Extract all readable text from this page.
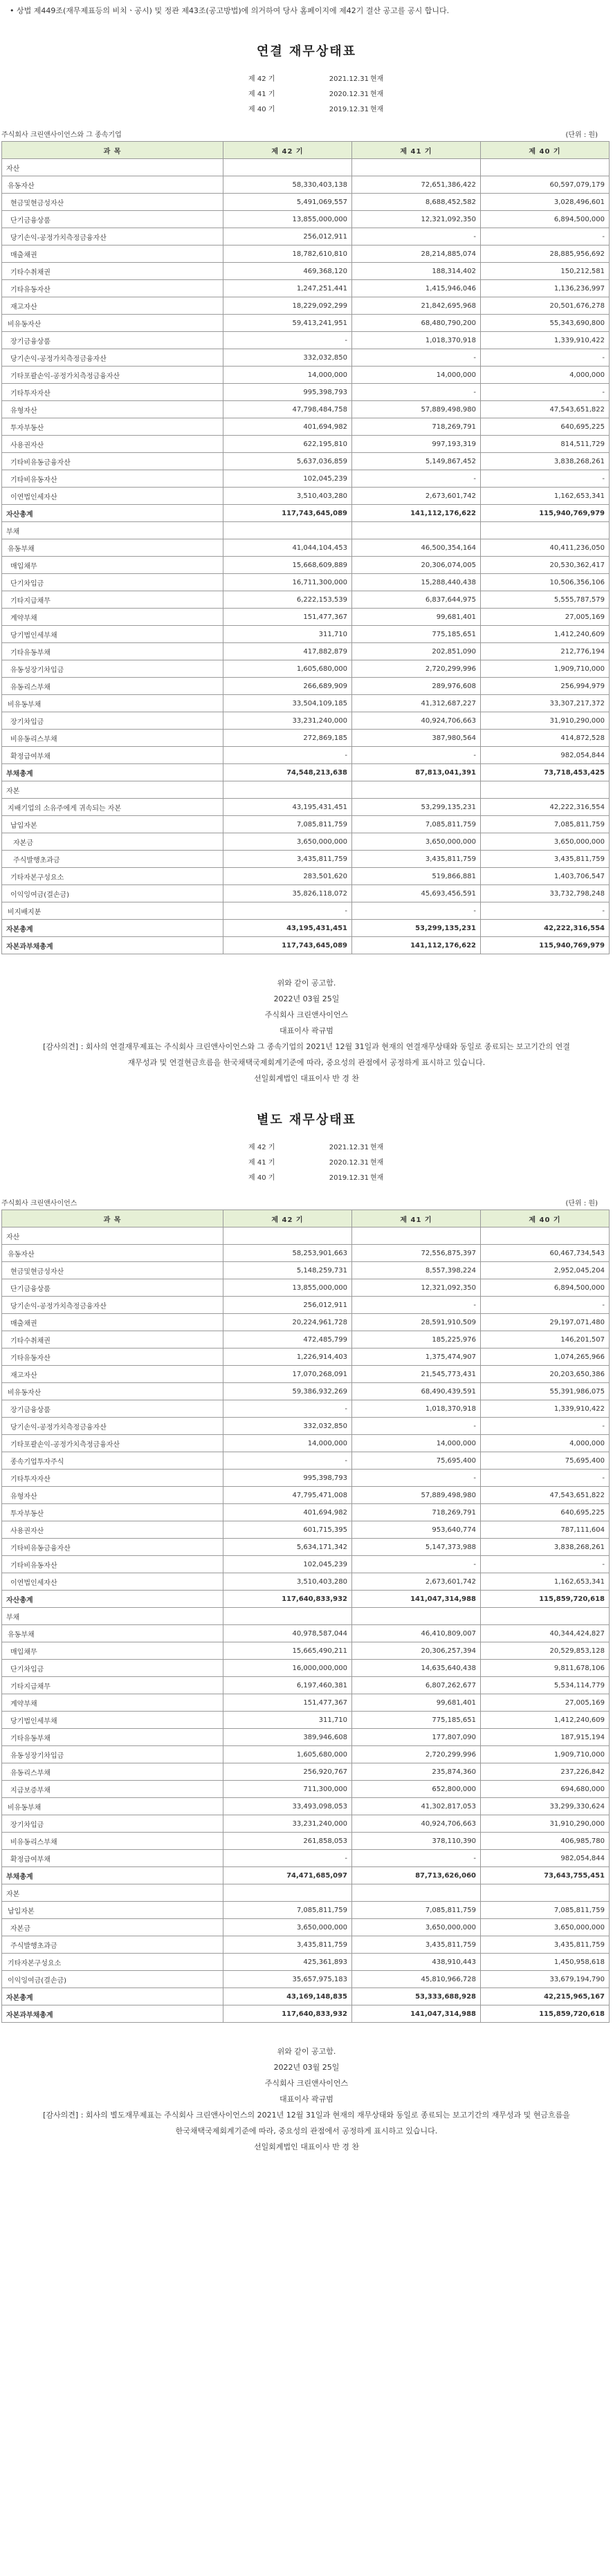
• 상법 제449조(재무제표등의 비치ㆍ공시) 및 정관 제43조(공고방법)에 의거하여 당사 홈페이지에 제42기 결산 공고를 공시 합니다.
연결 재무상태표
제 42 기	2021.12.31 현재
제 41 기	2020.12.31 현재
제 40 기	2019.12.31 현재
주식회사 크린앤사이언스와 그 종속기업	(단위 : 원)
과 목	제 42 기	제 41 기	제 40 기
자산			
유동자산	58,330,403,138	72,651,386,422	60,597,079,179
현금및현금성자산	5,491,069,557	8,688,452,582	3,028,496,601
단기금융상품	13,855,000,000	12,321,092,350	6,894,500,000
당기손익-공정가치측정금융자산	256,012,911	-	-
매출채권	18,782,610,810	28,214,885,074	28,885,956,692
기타수취채권	469,368,120	188,314,402	150,212,581
기타유동자산	1,247,251,441	1,415,946,046	1,136,236,997
재고자산	18,229,092,299	21,842,695,968	20,501,676,278
비유동자산	59,413,241,951	68,480,790,200	55,343,690,800
장기금융상품	-	1,018,370,918	1,339,910,422
당기손익-공정가치측정금융자산	332,032,850	-	-
기타포괄손익-공정가치측정금융자산	14,000,000	14,000,000	4,000,000
기타투자자산	995,398,793	-	-
유형자산	47,798,484,758	57,889,498,980	47,543,651,822
투자부동산	401,694,982	718,269,791	640,695,225
사용권자산	622,195,810	997,193,319	814,511,729
기타비유동금융자산	5,637,036,859	5,149,867,452	3,838,268,261
기타비유동자산	102,045,239	-	-
이연법인세자산	3,510,403,280	2,673,601,742	1,162,653,341
자산총계	117,743,645,089	141,112,176,622	115,940,769,979
부채			
유동부채	41,044,104,453	46,500,354,164	40,411,236,050
매입채무	15,668,609,889	20,306,074,005	20,530,362,417
단기차입금	16,711,300,000	15,288,440,438	10,506,356,106
기타지급채무	6,222,153,539	6,837,644,975	5,555,787,579
계약부채	151,477,367	99,681,401	27,005,169
당기법인세부채	311,710	775,185,651	1,412,240,609
기타유동부채	417,882,879	202,851,090	212,776,194
유동성장기차입금	1,605,680,000	2,720,299,996	1,909,710,000
유동리스부채	266,689,909	289,976,608	256,994,979
비유동부채	33,504,109,185	41,312,687,227	33,307,217,372
장기차입금	33,231,240,000	40,924,706,663	31,910,290,000
비유동리스부채	272,869,185	387,980,564	414,872,528
확정급여부채	-	-	982,054,844
부채총계	74,548,213,638	87,813,041,391	73,718,453,425
자본			
지배기업의 소유주에게 귀속되는 자본	43,195,431,451	53,299,135,231	42,222,316,554
납입자본	7,085,811,759	7,085,811,759	7,085,811,759
자본금	3,650,000,000	3,650,000,000	3,650,000,000
주식발행초과금	3,435,811,759	3,435,811,759	3,435,811,759
기타자본구성요소	283,501,620	519,866,881	1,403,706,547
이익잉여금(결손금)	35,826,118,072	45,693,456,591	33,732,798,248
비지배지분	-	-	-
자본총계	43,195,431,451	53,299,135,231	42,222,316,554
자본과부채총계	117,743,645,089	141,112,176,622	115,940,769,979
위와 같이 공고함.
2022년 03월 25일
주식회사 크린앤사이언스
대표이사 곽규범
[감사의견] : 회사의 연결재무제표는 주식회사 크린앤사이언스와 그 종속기업의 2021년 12월 31일과 현재의 연결재무상태와 동일로 종료되는 보고기간의 연결재무성과 및 연결현금흐름을 한국채택국제회계기준에 따라, 중요성의 관점에서 공정하게 표시하고 있습니다.
선일회계법인 대표이사 반 경 찬
별도 재무상태표
제 42 기	2021.12.31 현재
제 41 기	2020.12.31 현재
제 40 기	2019.12.31 현재
주식회사 크린앤사이언스	(단위 : 원)
과 목	제 42 기	제 41 기	제 40 기
자산			
유동자산	58,253,901,663	72,556,875,397	60,467,734,543
현금및현금성자산	5,148,259,731	8,557,398,224	2,952,045,204
단기금융상품	13,855,000,000	12,321,092,350	6,894,500,000
당기손익-공정가치측정금융자산	256,012,911	-	-
매출채권	20,224,961,728	28,591,910,509	29,197,071,480
기타수취채권	472,485,799	185,225,976	146,201,507
기타유동자산	1,226,914,403	1,375,474,907	1,074,265,966
재고자산	17,070,268,091	21,545,773,431	20,203,650,386
비유동자산	59,386,932,269	68,490,439,591	55,391,986,075
장기금융상품	-	1,018,370,918	1,339,910,422
당기손익-공정가치측정금융자산	332,032,850	-	-
기타포괄손익-공정가치측정금융자산	14,000,000	14,000,000	4,000,000
종속기업투자주식	-	75,695,400	75,695,400
기타투자자산	995,398,793	-	-
유형자산	47,795,471,008	57,889,498,980	47,543,651,822
투자부동산	401,694,982	718,269,791	640,695,225
사용권자산	601,715,395	953,640,774	787,111,604
기타비유동금융자산	5,634,171,342	5,147,373,988	3,838,268,261
기타비유동자산	102,045,239	-	-
이연법인세자산	3,510,403,280	2,673,601,742	1,162,653,341
자산총계	117,640,833,932	141,047,314,988	115,859,720,618
부채			
유동부채	40,978,587,044	46,410,809,007	40,344,424,827
매입채무	15,665,490,211	20,306,257,394	20,529,853,128
단기차입금	16,000,000,000	14,635,640,438	9,811,678,106
기타지급채무	6,197,460,381	6,807,262,677	5,534,114,779
계약부채	151,477,367	99,681,401	27,005,169
당기법인세부채	311,710	775,185,651	1,412,240,609
기타유동부채	389,946,608	177,807,090	187,915,194
유동성장기차입금	1,605,680,000	2,720,299,996	1,909,710,000
유동리스부채	256,920,767	235,874,360	237,226,842
지급보증부채	711,300,000	652,800,000	694,680,000
비유동부채	33,493,098,053	41,302,817,053	33,299,330,624
장기차입금	33,231,240,000	40,924,706,663	31,910,290,000
비유동리스부채	261,858,053	378,110,390	406,985,780
확정급여부채	-	-	982,054,844
부채총계	74,471,685,097	87,713,626,060	73,643,755,451
자본			
납입자본	7,085,811,759	7,085,811,759	7,085,811,759
자본금	3,650,000,000	3,650,000,000	3,650,000,000
주식발행초과금	3,435,811,759	3,435,811,759	3,435,811,759
기타자본구성요소	425,361,893	438,910,443	1,450,958,618
이익잉여금(결손금)	35,657,975,183	45,810,966,728	33,679,194,790
자본총계	43,169,148,835	53,333,688,928	42,215,965,167
자본과부채총계	117,640,833,932	141,047,314,988	115,859,720,618
위와 같이 공고함.
2022년 03월 25일
주식회사 크린앤사이언스
대표이사 곽규범
[감사의견] : 회사의 별도재무제표는 주식회사 크린앤사이언스의 2021년 12월 31일과 현재의 재무상태와 동일로 종료되는 보고기간의 재무성과 및 현금흐름을 한국채택국제회계기준에 따라, 중요성의 관점에서 공정하게 표시하고 있습니다.
선일회계법인 대표이사 반 경 찬
